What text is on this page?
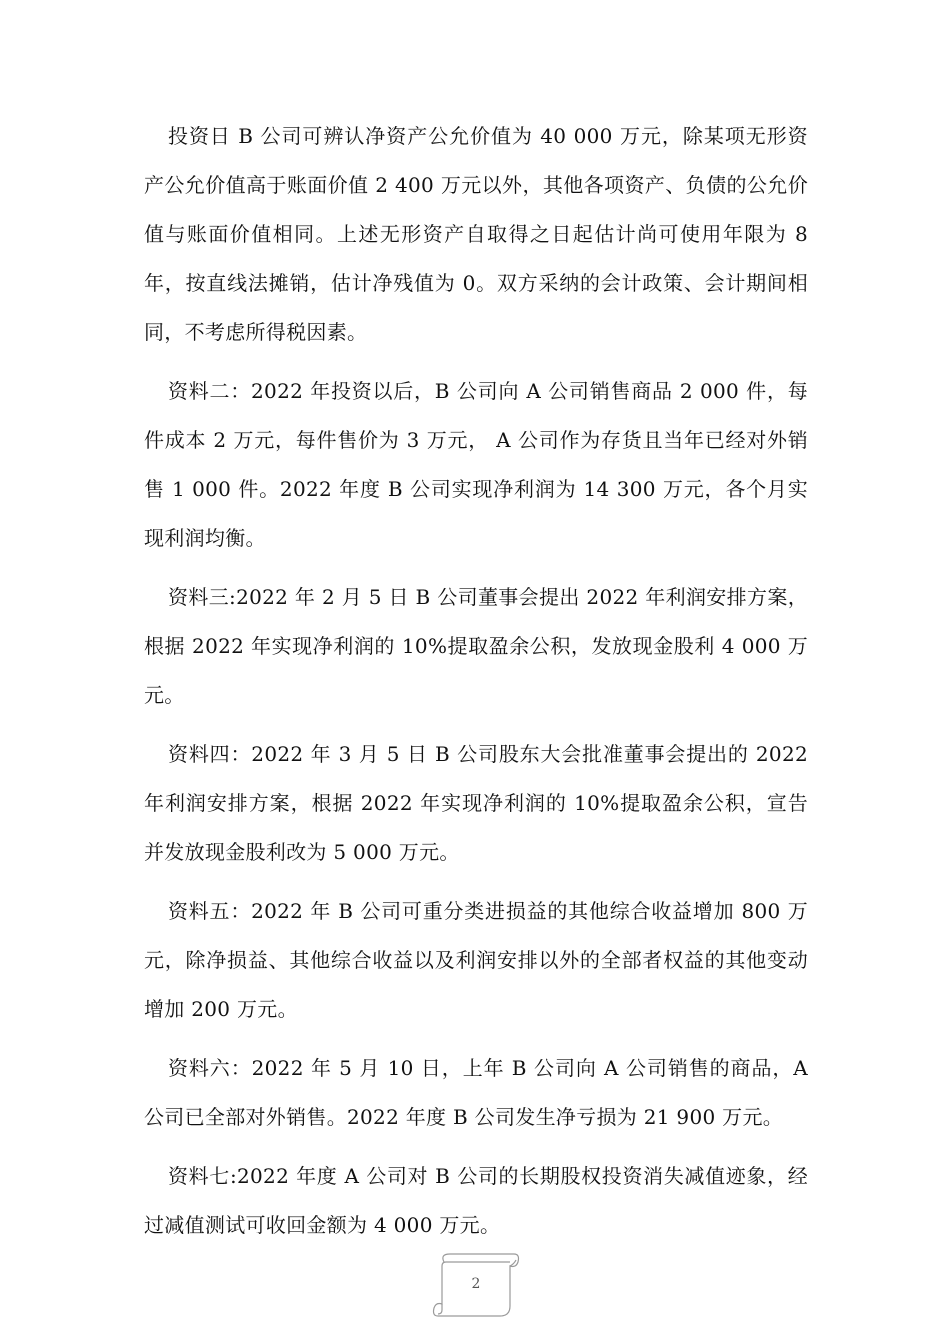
投资日 B 公司可辨认净资产公允价值为 40 000 万元，除某项无形资产公允价值高于账面价值 2 400 万元以外，其他各项资产、负债的公允价值与账面价值相同。上述无形资产自取得之日起估计尚可使用年限为 8 年，按直线法摊销，估计净残值为 0。双方采纳的会计政策、会计期间相同，不考虑所得税因素。

资料二：2022 年投资以后，B 公司向 A 公司销售商品 2 000 件，每件成本 2 万元，每件售价为 3 万元， A 公司作为存货且当年已经对外销售 1 000 件。2022 年度 B 公司实现净利润为 14 300 万元，各个月实现利润均衡。

资料三:2022 年 2 月 5 日 B 公司董事会提出 2022 年利润安排方案，根据 2022 年实现净利润的 10%提取盈余公积，发放现金股利 4 000 万元。

资料四：2022 年 3 月 5 日 B 公司股东大会批准董事会提出的 2022 年利润安排方案，根据 2022 年实现净利润的 10%提取盈余公积，宣告并发放现金股利改为 5 000 万元。

资料五：2022 年 B 公司可重分类进损益的其他综合收益增加 800 万元，除净损益、其他综合收益以及利润安排以外的全部者权益的其他变动增加 200 万元。

资料六：2022 年 5 月 10 日，上年 B 公司向 A 公司销售的商品，A 公司已全部对外销售。2022 年度 B 公司发生净亏损为 21 900 万元。

资料七:2022 年度 A 公司对 B 公司的长期股权投资消失减值迹象，经过减值测试可收回金额为 4 000 万元。

2
